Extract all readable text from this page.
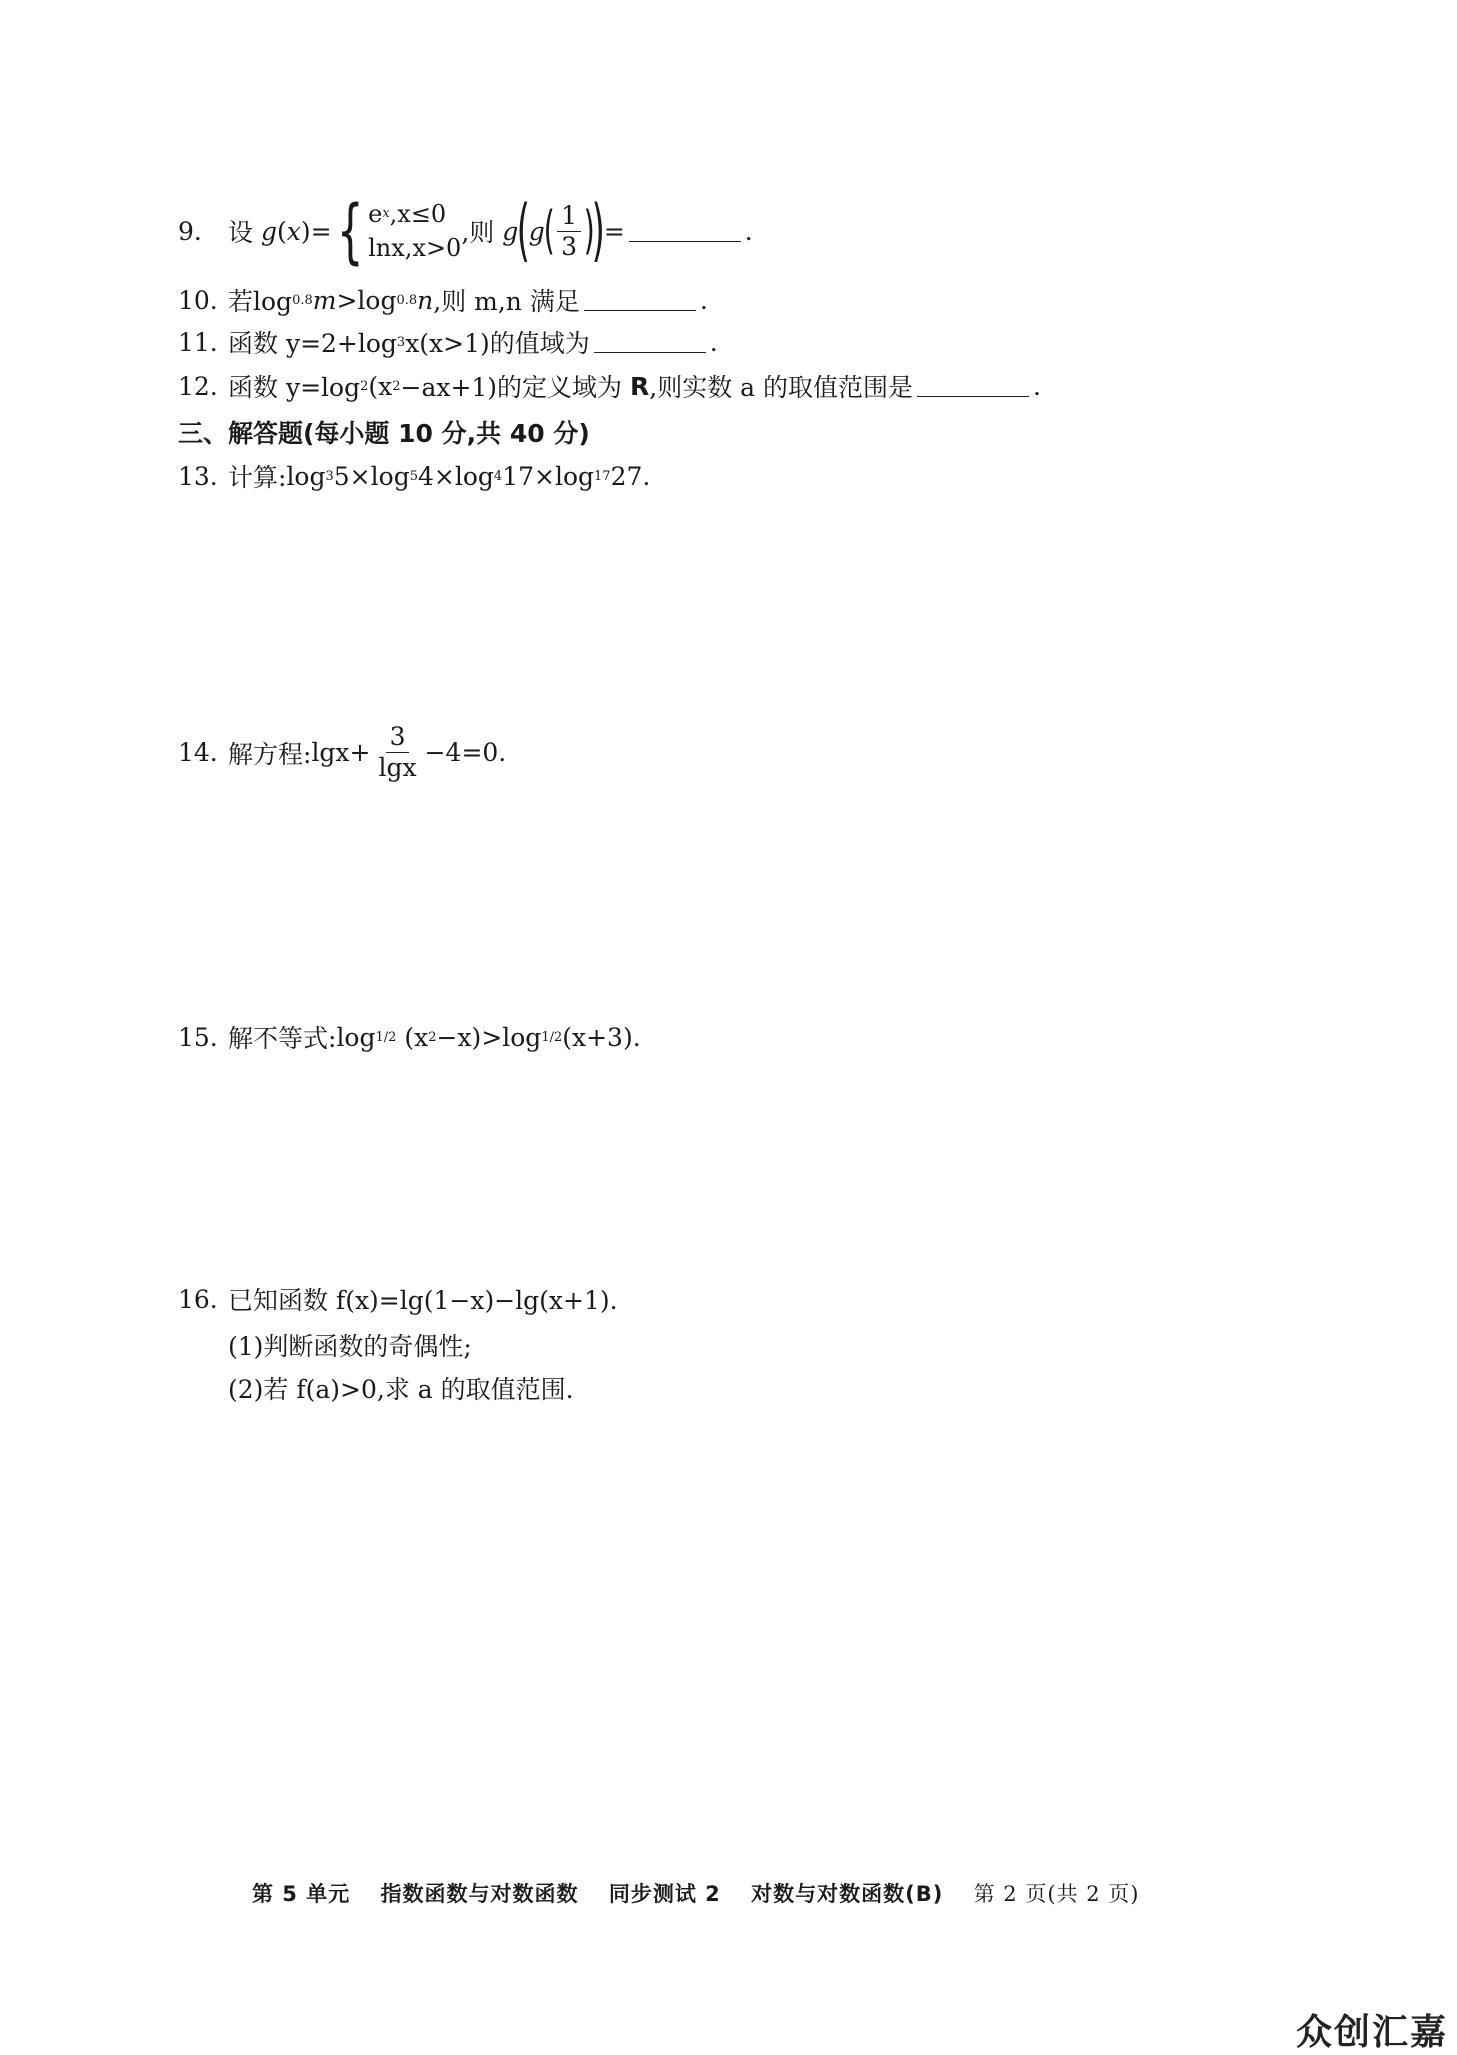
9.	设
g ( x )= { e x ,x≤0
lnx ,x>0
,则
g
(
g
( $\frac{1}{3}$ )
)
=	.
10. 若log 0.8 m >log 0.8 n ,则 m,n 满足	.
11. 函数 y=2+log 3 x(x>1)的值域为	.
12. 函数 y=log 2 (x 2 −ax+1)的定义域为
R ,则实数 a 的取值范围是	.
三、解答题(每小题 10 分,共 40 分)
13. 计算: log 3 5× log 5 4× log 4 17× log 17 27.
14. 解方程: $\lg x+ \frac{3}{\lg x} -4=0$.
15. 解不等式: log 1/2
(x 2 −x)>log 1/2 (x+3).
16. 已知函数 f(x)=lg(1−x)−lg(x+1).
(1)判断函数的奇偶性;
(2)若 f(a)>0,求 a 的取值范围.
第 5 单元 指数函数与对数函数 同步测试 2 对数与对数函数(B) 第 2 页(共 2 页)
众创汇嘉
